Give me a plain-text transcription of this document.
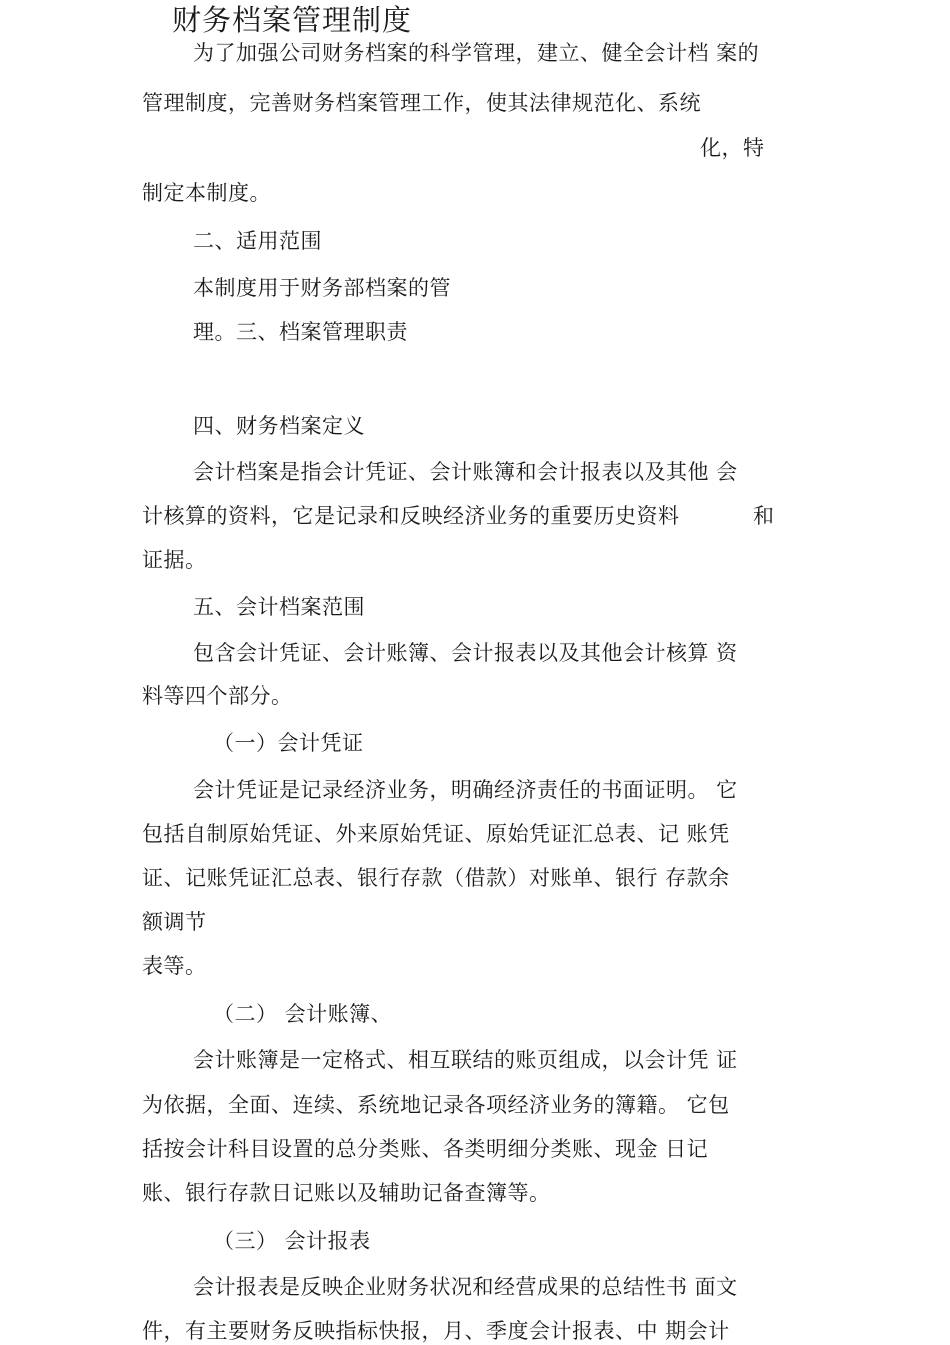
财务档案管理制度
为了加强公司财务档案的科学管理，建立、健全会计档 案的
管理制度，完善财务档案管理工作，使其法律规范化、系统
化，特
制定本制度。
二、适用范围
本制度用于财务部档案的管
理。三、档案管理职责
四、财务档案定义
会计档案是指会计凭证、会计账簿和会计报表以及其他 会
计核算的资料，它是记录和反映经济业务的重要历史资料	和
证据。
五、会计档案范围
包含会计凭证、会计账簿、会计报表以及其他会计核算 资
料等四个部分。
（一）会计凭证
会计凭证是记录经济业务，明确经济责任的书面证明。 它
包括自制原始凭证、外来原始凭证、原始凭证汇总表、记 账凭
证、记账凭证汇总表、银行存款（借款）对账单、银行 存款余
额调节
表等。
（二） 会计账簿、
会计账簿是一定格式、相互联结的账页组成，以会计凭 证
为依据，全面、连续、系统地记录各项经济业务的簿籍。 它包
括按会计科目设置的总分类账、各类明细分类账、现金 日记
账、银行存款日记账以及辅助记备查簿等。
（三） 会计报表
会计报表是反映企业财务状况和经营成果的总结性书 面文
件，有主要财务反映指标快报，月、季度会计报表、中 期会计
